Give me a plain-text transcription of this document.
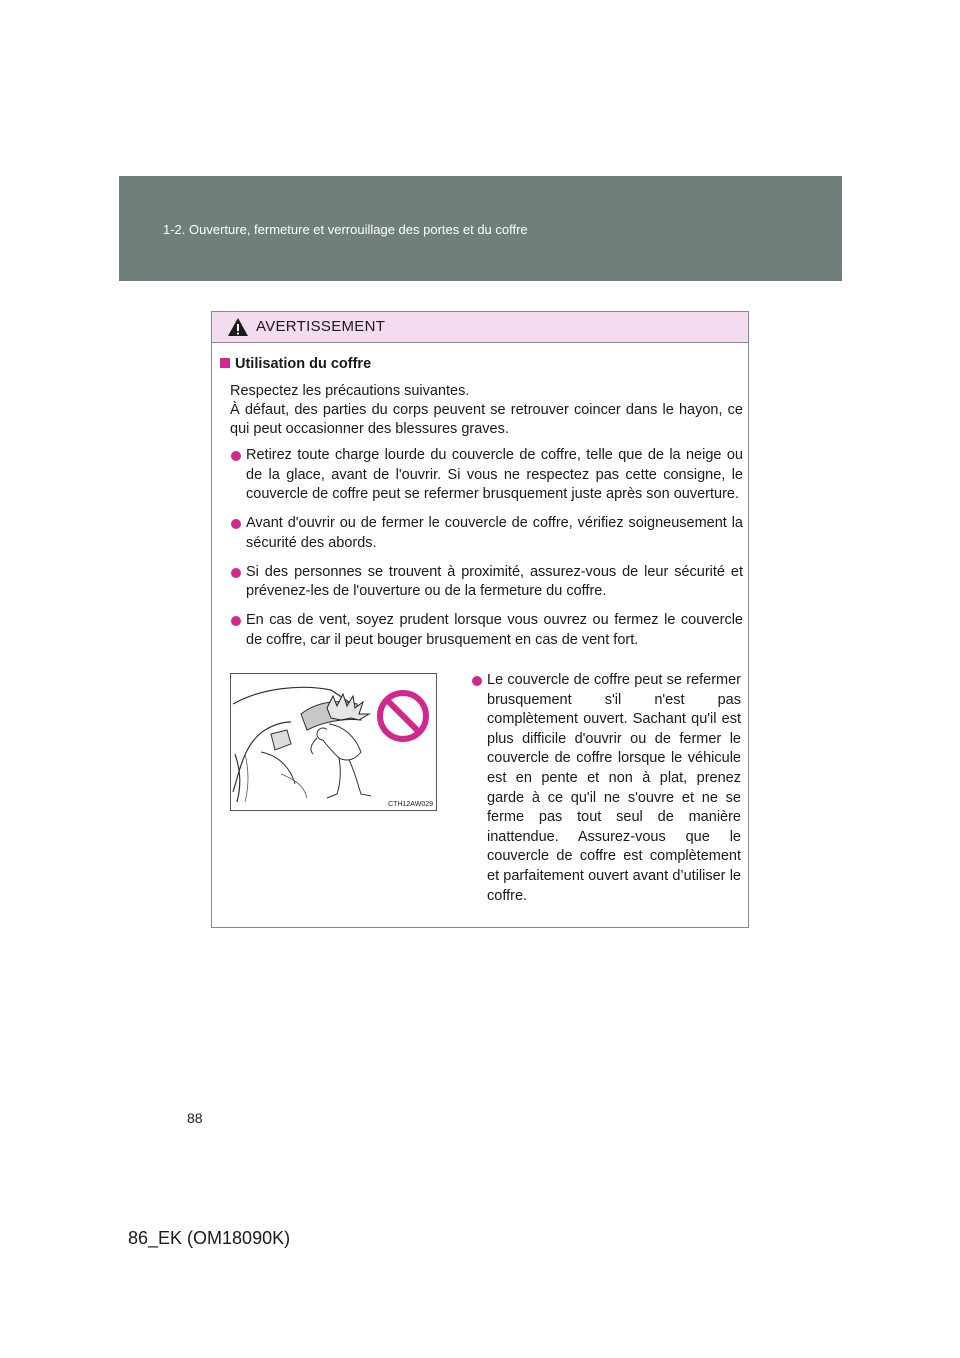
1-2. Ouverture, fermeture et verrouillage des portes et du coffre
AVERTISSEMENT
Utilisation du coffre

Respectez les précautions suivantes.

À défaut, des parties du corps peuvent se retrouver coincer dans le hayon, ce qui peut occasionner des blessures graves.

Retirez toute charge lourde du couvercle de coffre, telle que de la neige ou de la glace, avant de l'ouvrir. Si vous ne respectez pas cette consigne, le couvercle de coffre peut se refermer brusquement juste après son ouverture.
Avant d'ouvrir ou de fermer le couvercle de coffre, vérifiez soigneusement la sécurité des abords.
Si des personnes se trouvent à proximité, assurez-vous de leur sécurité et prévenez-les de l'ouverture ou de la fermeture du coffre.
En cas de vent, soyez prudent lorsque vous ouvrez ou fermez le couvercle de coffre, car il peut bouger brusquement en cas de vent fort.
CTH12AW029
Le couvercle de coffre peut se refermer brusquement s'il n'est pas complètement ouvert. Sachant qu'il est plus difficile d'ouvrir ou de fermer le couvercle de coffre lorsque le véhicule est en pente et non à plat, prenez garde à ce qu'il ne s'ouvre et ne se ferme pas tout seul de manière inattendue. Assurez-vous que le couvercle de coffre est complètement et parfaitement ouvert avant d’utiliser le coffre.
88
86_EK (OM18090K)
